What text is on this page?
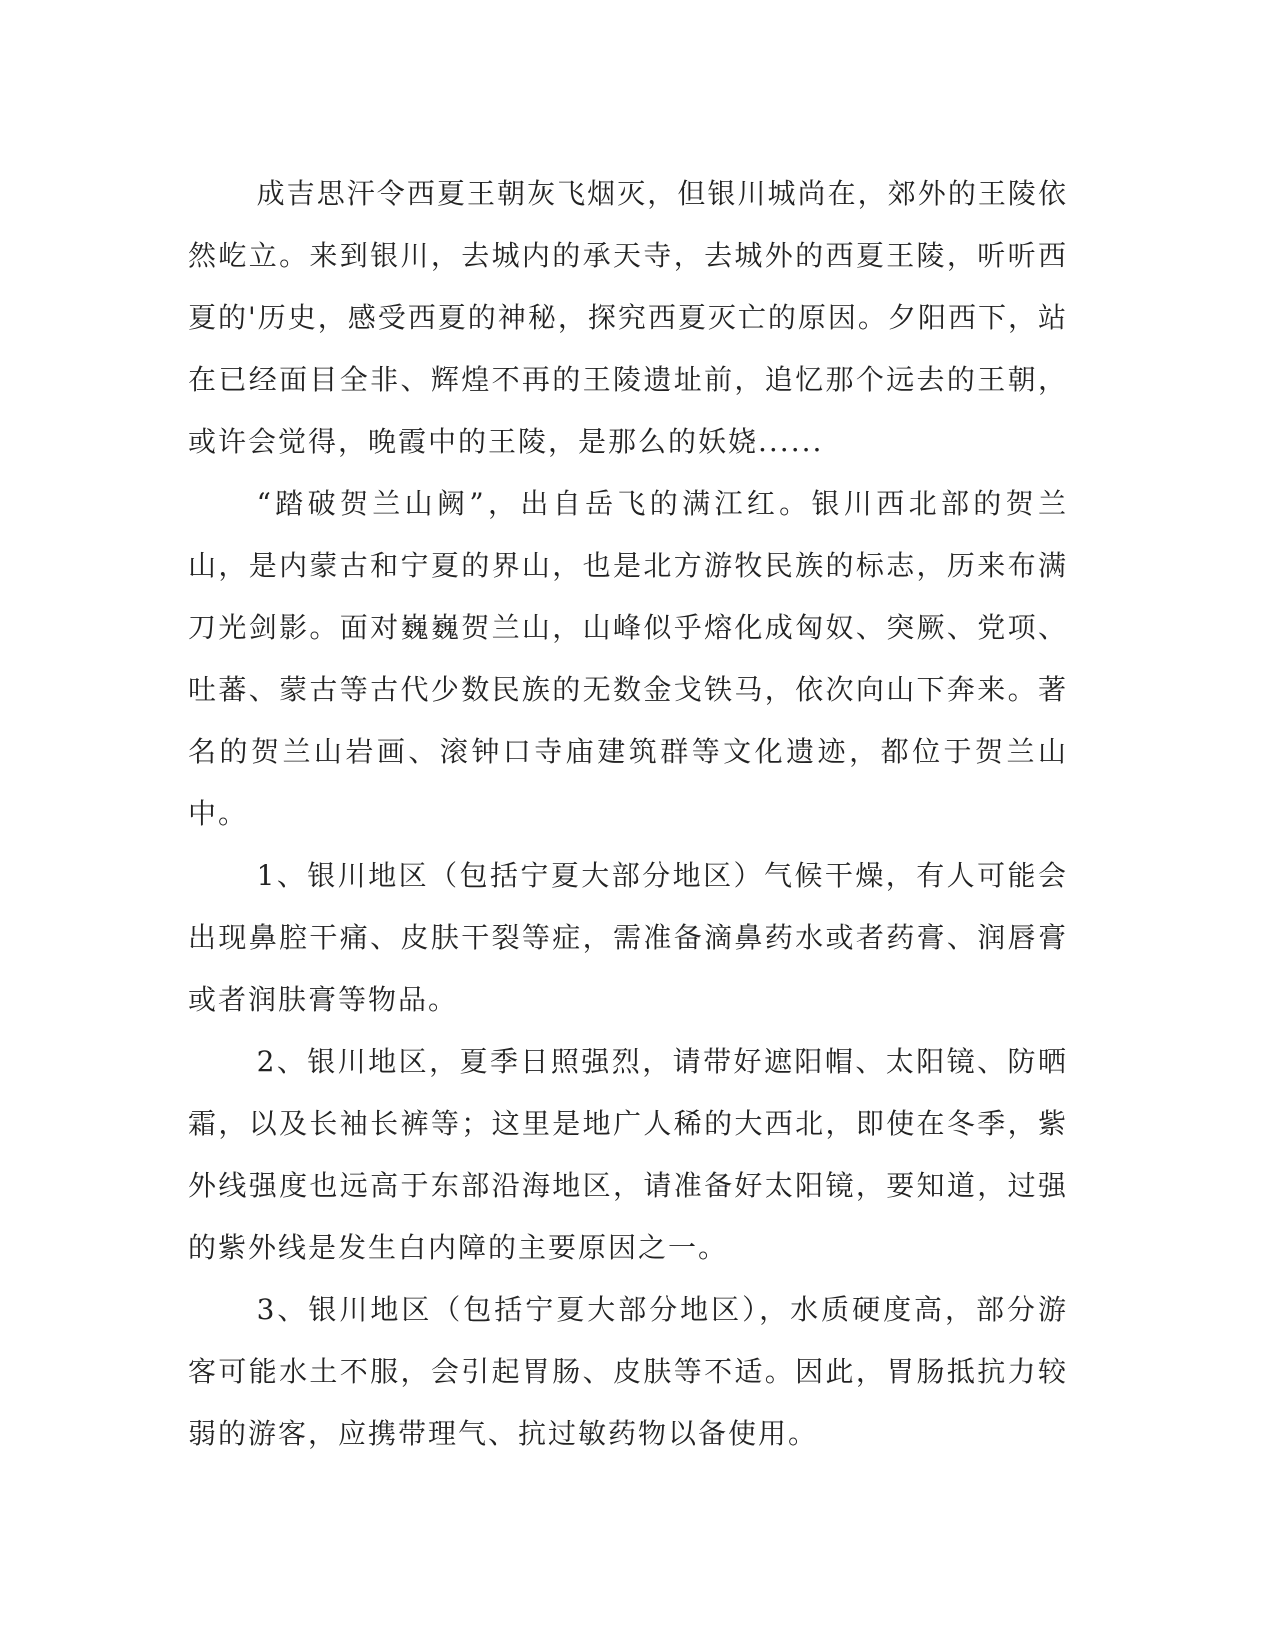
成吉思汗令西夏王朝灰飞烟灭，但银川城尚在，郊外的王陵依然屹立。来到银川，去城内的承天寺，去城外的西夏王陵，听听西夏的'历史，感受西夏的神秘，探究西夏灭亡的原因。夕阳西下，站在已经面目全非、辉煌不再的王陵遗址前，追忆那个远去的王朝，或许会觉得，晚霞中的王陵，是那么的妖娆......

“踏破贺兰山阙”，出自岳飞的满江红。银川西北部的贺兰山，是内蒙古和宁夏的界山，也是北方游牧民族的标志，历来布满刀光剑影。面对巍巍贺兰山，山峰似乎熔化成匈奴、突厥、党项、吐蕃、蒙古等古代少数民族的无数金戈铁马，依次向山下奔来。著名的贺兰山岩画、滚钟口寺庙建筑群等文化遗迹，都位于贺兰山中。

1、银川地区（包括宁夏大部分地区）气候干燥，有人可能会出现鼻腔干痛、皮肤干裂等症，需准备滴鼻药水或者药膏、润唇膏或者润肤膏等物品。

2、银川地区，夏季日照强烈，请带好遮阳帽、太阳镜、防晒霜，以及长袖长裤等；这里是地广人稀的大西北，即使在冬季，紫外线强度也远高于东部沿海地区，请准备好太阳镜，要知道，过强的紫外线是发生白内障的主要原因之一。

3、银川地区（包括宁夏大部分地区），水质硬度高，部分游客可能水土不服，会引起胃肠、皮肤等不适。因此，胃肠抵抗力较弱的游客，应携带理气、抗过敏药物以备使用。
